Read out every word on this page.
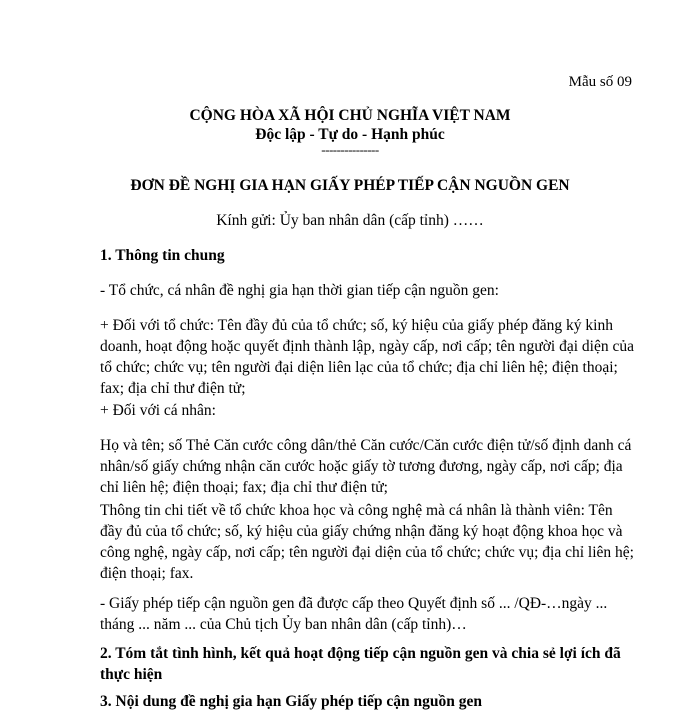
Mẫu số 09
CỘNG HÒA XÃ HỘI CHỦ NGHĨA VIỆT NAM
Độc lập - Tự do - Hạnh phúc
---------------
ĐƠN ĐỀ NGHỊ GIA HẠN GIẤY PHÉP TIẾP CẬN NGUỒN GEN
Kính gửi: Ủy ban nhân dân (cấp tỉnh) ……
1. Thông tin chung
- Tổ chức, cá nhân đề nghị gia hạn thời gian tiếp cận nguồn gen:
+ Đối với tổ chức: Tên đầy đủ của tổ chức; số, ký hiệu của giấy phép đăng ký kinh doanh, hoạt động hoặc quyết định thành lập, ngày cấp, nơi cấp; tên người đại diện của tổ chức; chức vụ; tên người đại diện liên lạc của tổ chức; địa chỉ liên hệ; điện thoại; fax; địa chỉ thư điện tử;
+ Đối với cá nhân:
Họ và tên; số Thẻ Căn cước công dân/thẻ Căn cước/Căn cước điện tử/số định danh cá nhân/số giấy chứng nhận căn cước hoặc giấy tờ tương đương, ngày cấp, nơi cấp; địa chỉ liên hệ; điện thoại; fax; địa chỉ thư điện tử;
Thông tin chi tiết về tổ chức khoa học và công nghệ mà cá nhân là thành viên: Tên đầy đủ của tổ chức; số, ký hiệu của giấy chứng nhận đăng ký hoạt động khoa học và công nghệ, ngày cấp, nơi cấp; tên người đại diện của tổ chức; chức vụ; địa chỉ liên hệ; điện thoại; fax.
- Giấy phép tiếp cận nguồn gen đã được cấp theo Quyết định số ... /QĐ-…ngày ... tháng ... năm ... của Chủ tịch Ủy ban nhân dân (cấp tỉnh)…
2. Tóm tắt tình hình, kết quả hoạt động tiếp cận nguồn gen và chia sẻ lợi ích đã thực hiện
3. Nội dung đề nghị gia hạn Giấy phép tiếp cận nguồn gen
